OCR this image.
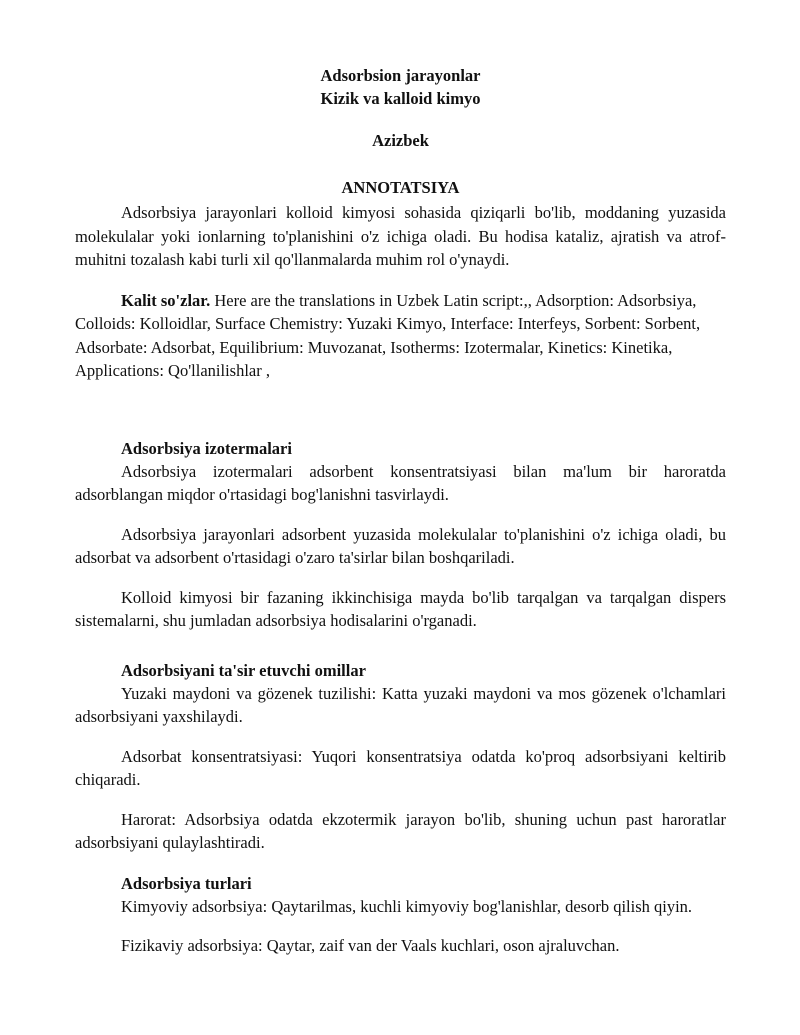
Adsorbsion jarayonlar
Kizik va kalloid kimyo
Azizbek
ANNOTATSIYA

Adsorbsiya jarayonlari kolloid kimyosi sohasida qiziqarli bo'lib, moddaning yuzasida molekulalar yoki ionlarning to'planishini o'z ichiga oladi. Bu hodisa kataliz, ajratish va atrof-muhitni tozalash kabi turli xil qo'llanmalarda muhim rol o'ynaydi.

Kalit so'zlar. Here are the translations in Uzbek Latin script:,, Adsorption: Adsorbsiya, Colloids: Kolloidlar, Surface Chemistry: Yuzaki Kimyo, Interface: Interfeys, Sorbent: Sorbent, Adsorbate: Adsorbat, Equilibrium: Muvozanat, Isotherms: Izotermalar, Kinetics: Kinetika, Applications: Qo'llanilishlar ,

Adsorbsiya izotermalari

Adsorbsiya izotermalari adsorbent konsentratsiyasi bilan ma'lum bir haroratda adsorblangan miqdor o'rtasidagi bog'lanishni tasvirlaydi.

Adsorbsiya jarayonlari adsorbent yuzasida molekulalar to'planishini o'z ichiga oladi, bu adsorbat va adsorbent o'rtasidagi o'zaro ta'sirlar bilan boshqariladi.

Kolloid kimyosi bir fazaning ikkinchisiga mayda bo'lib tarqalgan va tarqalgan dispers sistemalarni, shu jumladan adsorbsiya hodisalarini o'rganadi.

Adsorbsiyani ta'sir etuvchi omillar

Yuzaki maydoni va gözenek tuzilishi: Katta yuzaki maydoni va mos gözenek o'lchamlari adsorbsiyani yaxshilaydi.

Adsorbat konsentratsiyasi: Yuqori konsentratsiya odatda ko'proq adsorbsiyani keltirib chiqaradi.

Harorat: Adsorbsiya odatda ekzotermik jarayon bo'lib, shuning uchun past haroratlar adsorbsiyani qulaylashtiradi.

Adsorbsiya turlari

Kimyoviy adsorbsiya: Qaytarilmas, kuchli kimyoviy bog'lanishlar, desorb qilish qiyin.

Fizikaviy adsorbsiya: Qaytar, zaif van der Vaals kuchlari, oson ajraluvchan.
